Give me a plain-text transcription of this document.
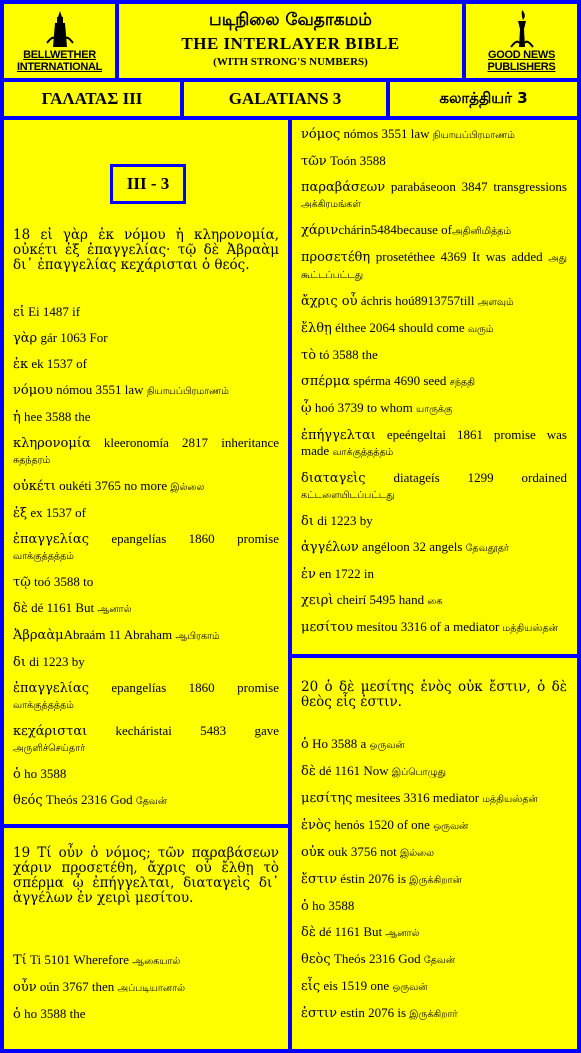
BELLWETHER
INTERNATIONAL
படிநிலை வேதாகமம்
THE INTERLAYER BIBLE
(WITH STRONG'S NUMBERS)
GOOD NEWS
PUBLISHERS
ΓΑΛΑΤΑΣ III	GALATIANS 3	கலாத்தியர் 3
III - 3
18 εἰ γὰρ ἐκ νόμου ἡ κληρονομία, οὐκέτι ἐξ ἐπαγγελίας· τῷ δὲ Ἀβραὰμ δι᾽ ἐπαγγελίας κεχάρισται ὁ θεός.
εἰ Ei 1487 if
γὰρ gár 1063 For
ἐκ ek 1537 of
νόμου nómou 3551 law நியாயப்பிரமாணம்
ἡ hee 3588 the
κληρονομία kleeronomía 2817 inheritance சுதந்தரம்
οὐκέτι oukéti 3765 no more இல்லை
ἐξ ex 1537 of
ἐπαγγελίας epangelías 1860 promise வாக்குத்தத்தம்
τῷ toó 3588 to
δὲ dé 1161 But ஆனால்
ἈβραὰμAbraám 11 Abraham ஆபிரகாம்
δι di 1223 by
ἐπαγγελίας epangelías 1860 promise வாக்குத்தத்தம்
κεχάρισται kecháristai 5483 gave அருளிச்செய்தார்
ὁ ho 3588
θεός Theós 2316 God தேவன்
19 Τί οὖν ὁ νόμος; τῶν παραβάσεων χάριν προσετέθη, ἄχρις οὗ ἔλθῃ τὸ σπέρμα ᾧ ἐπήγγελται, διαταγεὶς δι᾽ ἀγγέλων ἐν χειρὶ μεσίτου.
Τί Ti 5101 Wherefore ஆகையால்
οὖν oún 3767 then அப்படியானால்
ὁ ho 3588 the
νόμος nómos 3551 law நியாயப்பிரமாணம்
τῶν Toón 3588
παραβάσεων parabáseoon 3847 transgressions அக்கிரமங்கள்
χάρινchárin5484because ofஅதினிமித்தம்
προσετέθη prosetéthee 4369 It was added அது கூட்டப்பட்டது
ἄχρις οὗ áchris hoú8913757till அளவும்
ἔλθῃ élthee 2064 should come வரும்
τὸ tó 3588 the
σπέρμα spérma 4690 seed சந்ததி
ᾧ hoó 3739 to whom யாருக்கு
ἐπήγγελται epeéngeltai 1861 promise was made வாக்குத்தத்தம்
διαταγεὶς diatageís 1299 ordained கட்டளையிடப்பட்டது
δι di 1223 by
ἀγγέλων angéloon 32 angels தேவதூதர்
ἐν en 1722 in
χειρὶ cheirí 5495 hand கை
μεσίτου mesítou 3316 of a mediator மத்தியஸ்தன்
20 ὁ δὲ μεσίτης ἑνὸς οὐκ ἔστιν, ὁ δὲ θεὸς εἷς ἐστιν.
ὁ Ho 3588 a ஒருவன்
δὲ dé 1161 Now இப்பொழுது
μεσίτης mesitees 3316 mediator மத்தியஸ்தன்
ἑνὸς henós 1520 of one ஒருவன்
οὐκ ouk 3756 not இல்லை
ἔστιν éstin 2076 is இருக்கிறான்
ὁ ho 3588
δὲ dé 1161 But ஆனால்
θεὸς Theós 2316 God தேவன்
εἷς eis 1519 one ஒருவன்
ἐστιν estin 2076 is இருக்கிறார்
